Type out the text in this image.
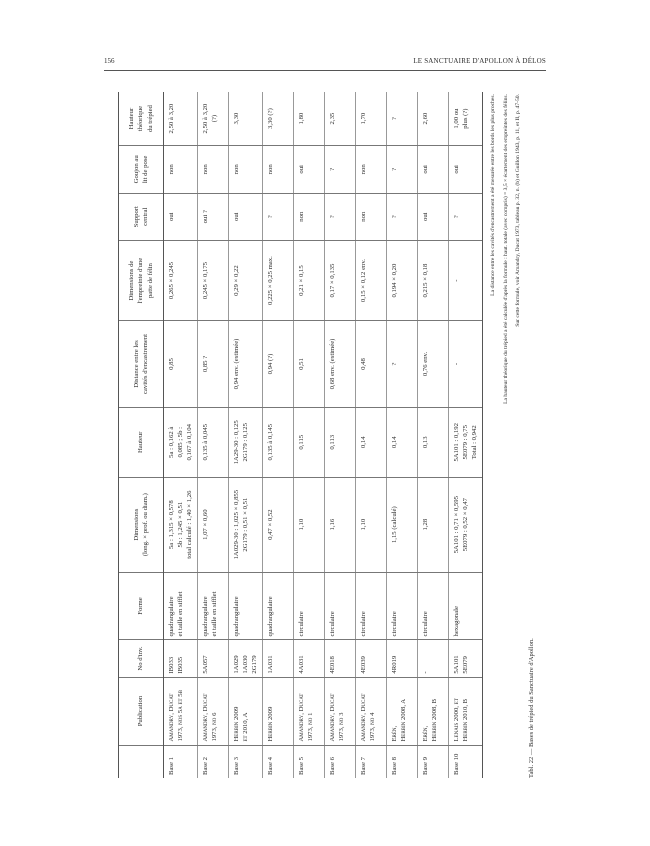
156	LE SANCTUAIRE D'APOLLON À DÉLOS
	Publication	No d'inv.	Forme	Dimensions
(long. × prof. ou diam.)	Hauteur	Distance entre les
cavités d'encastrement	Dimensions de
l'empreinte d'une
patte de félin	Support
central	Goujon au
lit de pose	Hauteur
théorique
du trépied
Base 1	Amandry, Ducat
1973, nos 5a et 5b	IB033
IB035	quadrangulaire
et taille en sifflet	5a : 1,315 × 0,578
5b : 1,245 × 0,51
total calculé : 1,40 × 1,26	5a : 0,162 à
0,085 ; 5b :
0,167 à 0,104	0,85	0,265 × 0,245	oui	non	2,50 à 3,20
Base 2	Amandry, Ducat
1973, no 6	5A057	quadrangulaire
et taille en sifflet	1,07 × 0,60	0,135 à 0,045	0,85 ?	0,245 × 0,175	oui ?	non	2,50 à 3,20
(?)
Base 3	Herbin 2009
et 2010, A	1A029
1A030
2G179	quadrangulaire	1A029-30 : 1,025 × 0,855
2G179 : 0,51 × 0,51	1A29-30 : 0,125
2G179 : 0,125	0,94 env. (estimée)	0,29 × 0,22	oui	non	3,30
Base 4	Herbin 2009	1A031	quadrangulaire	0,47 × 0,52	0,135 à 0,145	0,94 (?)	0,225 × 0,25 max.	?	non	3,30 (?)
Base 5	Amandry, Ducat
1973, no 1	4A031	circulaire	1,10	0,115	0,51	0,21 × 0,15	non	oui	1,80
Base 6	Amandry, Ducat
1973, no 3	4E018	circulaire	1,16	0,113	0,68 env. (estimée)	0,17 × 0,135	?	?	2,35
Base 7	Amandry, Ducat
1973, no 4	4E039	circulaire	1,10	0,14	0,48	0,15 × 0,12 env.	non	non	1,70
Base 8	Erén,
Herbin 2008, A	4R019	circulaire	1,15 (calculé)	0,14	?	0,194 × 0,20	?	?	?
Base 9	Erén,
Herbin 2008, B	-	circulaire	1,28	0,13	0,76 env.	0,215 × 0,18	oui	oui	2,60
Base 10	Lenais 2000, et
Herbin 2010, B	5A101
5E079	hexagonale	5A101 : 0,71 × 0,595
5E079 : 0,52 × 0,47	5A101 : 0,192
5E079 : 0,75
Total : 0,942	-	-	?	oui	1,00 ou
plus (?)	La distance entre les cavités d'encastrement a été mesurée entre les bords les plus proches. La hauteur théorique du trépied a été calculée d'après la formule : haut. totale (avec compris) = 3,5 × écartement des empreintes des félins. Sur cette formule, voir Amandry, Ducat 1973, tableau p. 32, n. (b) et Guillon 1943, p. 11, et II, p. 47-50.
Tabl. 22 — Bases de trépied du Sanctuaire d'Apollon.
